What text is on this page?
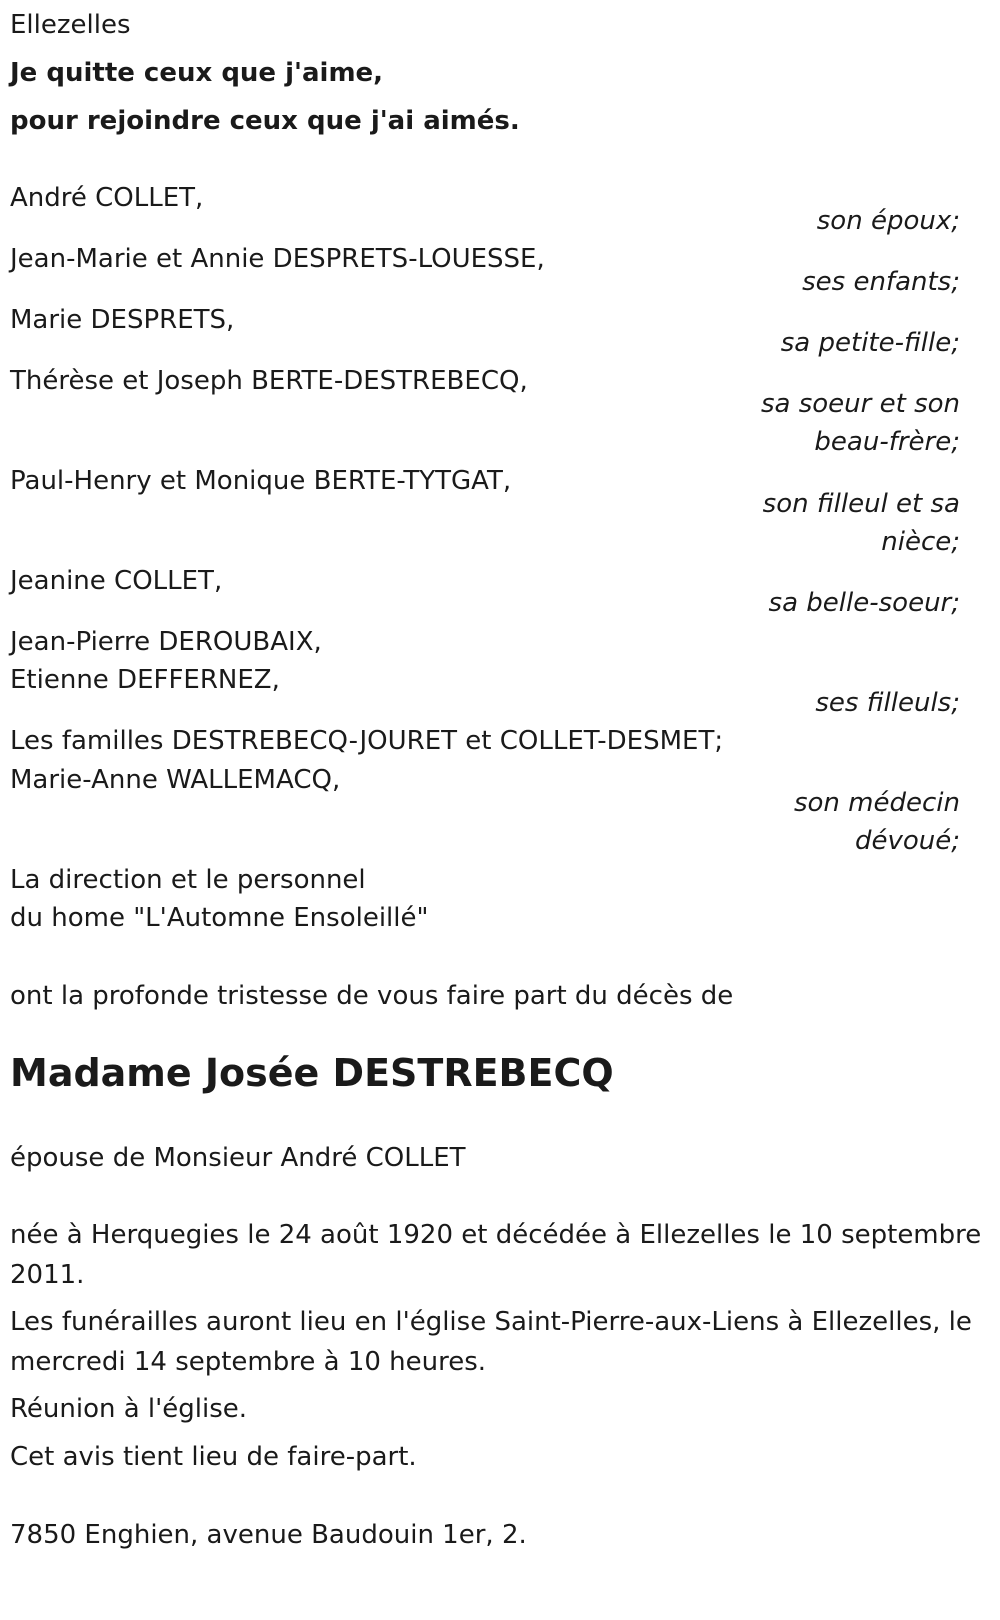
Ellezelles
Je quitte ceux que j'aime,
pour rejoindre ceux que j'ai aimés.
André COLLET,
son époux;
Jean-Marie et Annie DESPRETS-LOUESSE,
ses enfants;
Marie DESPRETS,
sa petite-fille;
Thérèse et Joseph BERTE-DESTREBECQ,
sa soeur et son
beau-frère;
Paul-Henry et Monique BERTE-TYTGAT,
son filleul et sa
nièce;
Jeanine COLLET,
sa belle-soeur;
Jean-Pierre DEROUBAIX,
Etienne DEFFERNEZ,
ses filleuls;
Les familles DESTREBECQ-JOURET et COLLET-DESMET;
Marie-Anne WALLEMACQ,
son médecin
dévoué;
La direction et le personnel
du home "L'Automne Ensoleillé"
ont la profonde tristesse de vous faire part du décès de
Madame Josée DESTREBECQ
épouse de Monsieur André COLLET
née à Herquegies le 24 août 1920 et décédée à Ellezelles le 10 septembre 2011.
Les funérailles auront lieu en l'église Saint-Pierre-aux-Liens à Ellezelles, le mercredi 14 septembre à 10 heures.
Réunion à l'église.
Cet avis tient lieu de faire-part.
7850 Enghien, avenue Baudouin 1er, 2.
